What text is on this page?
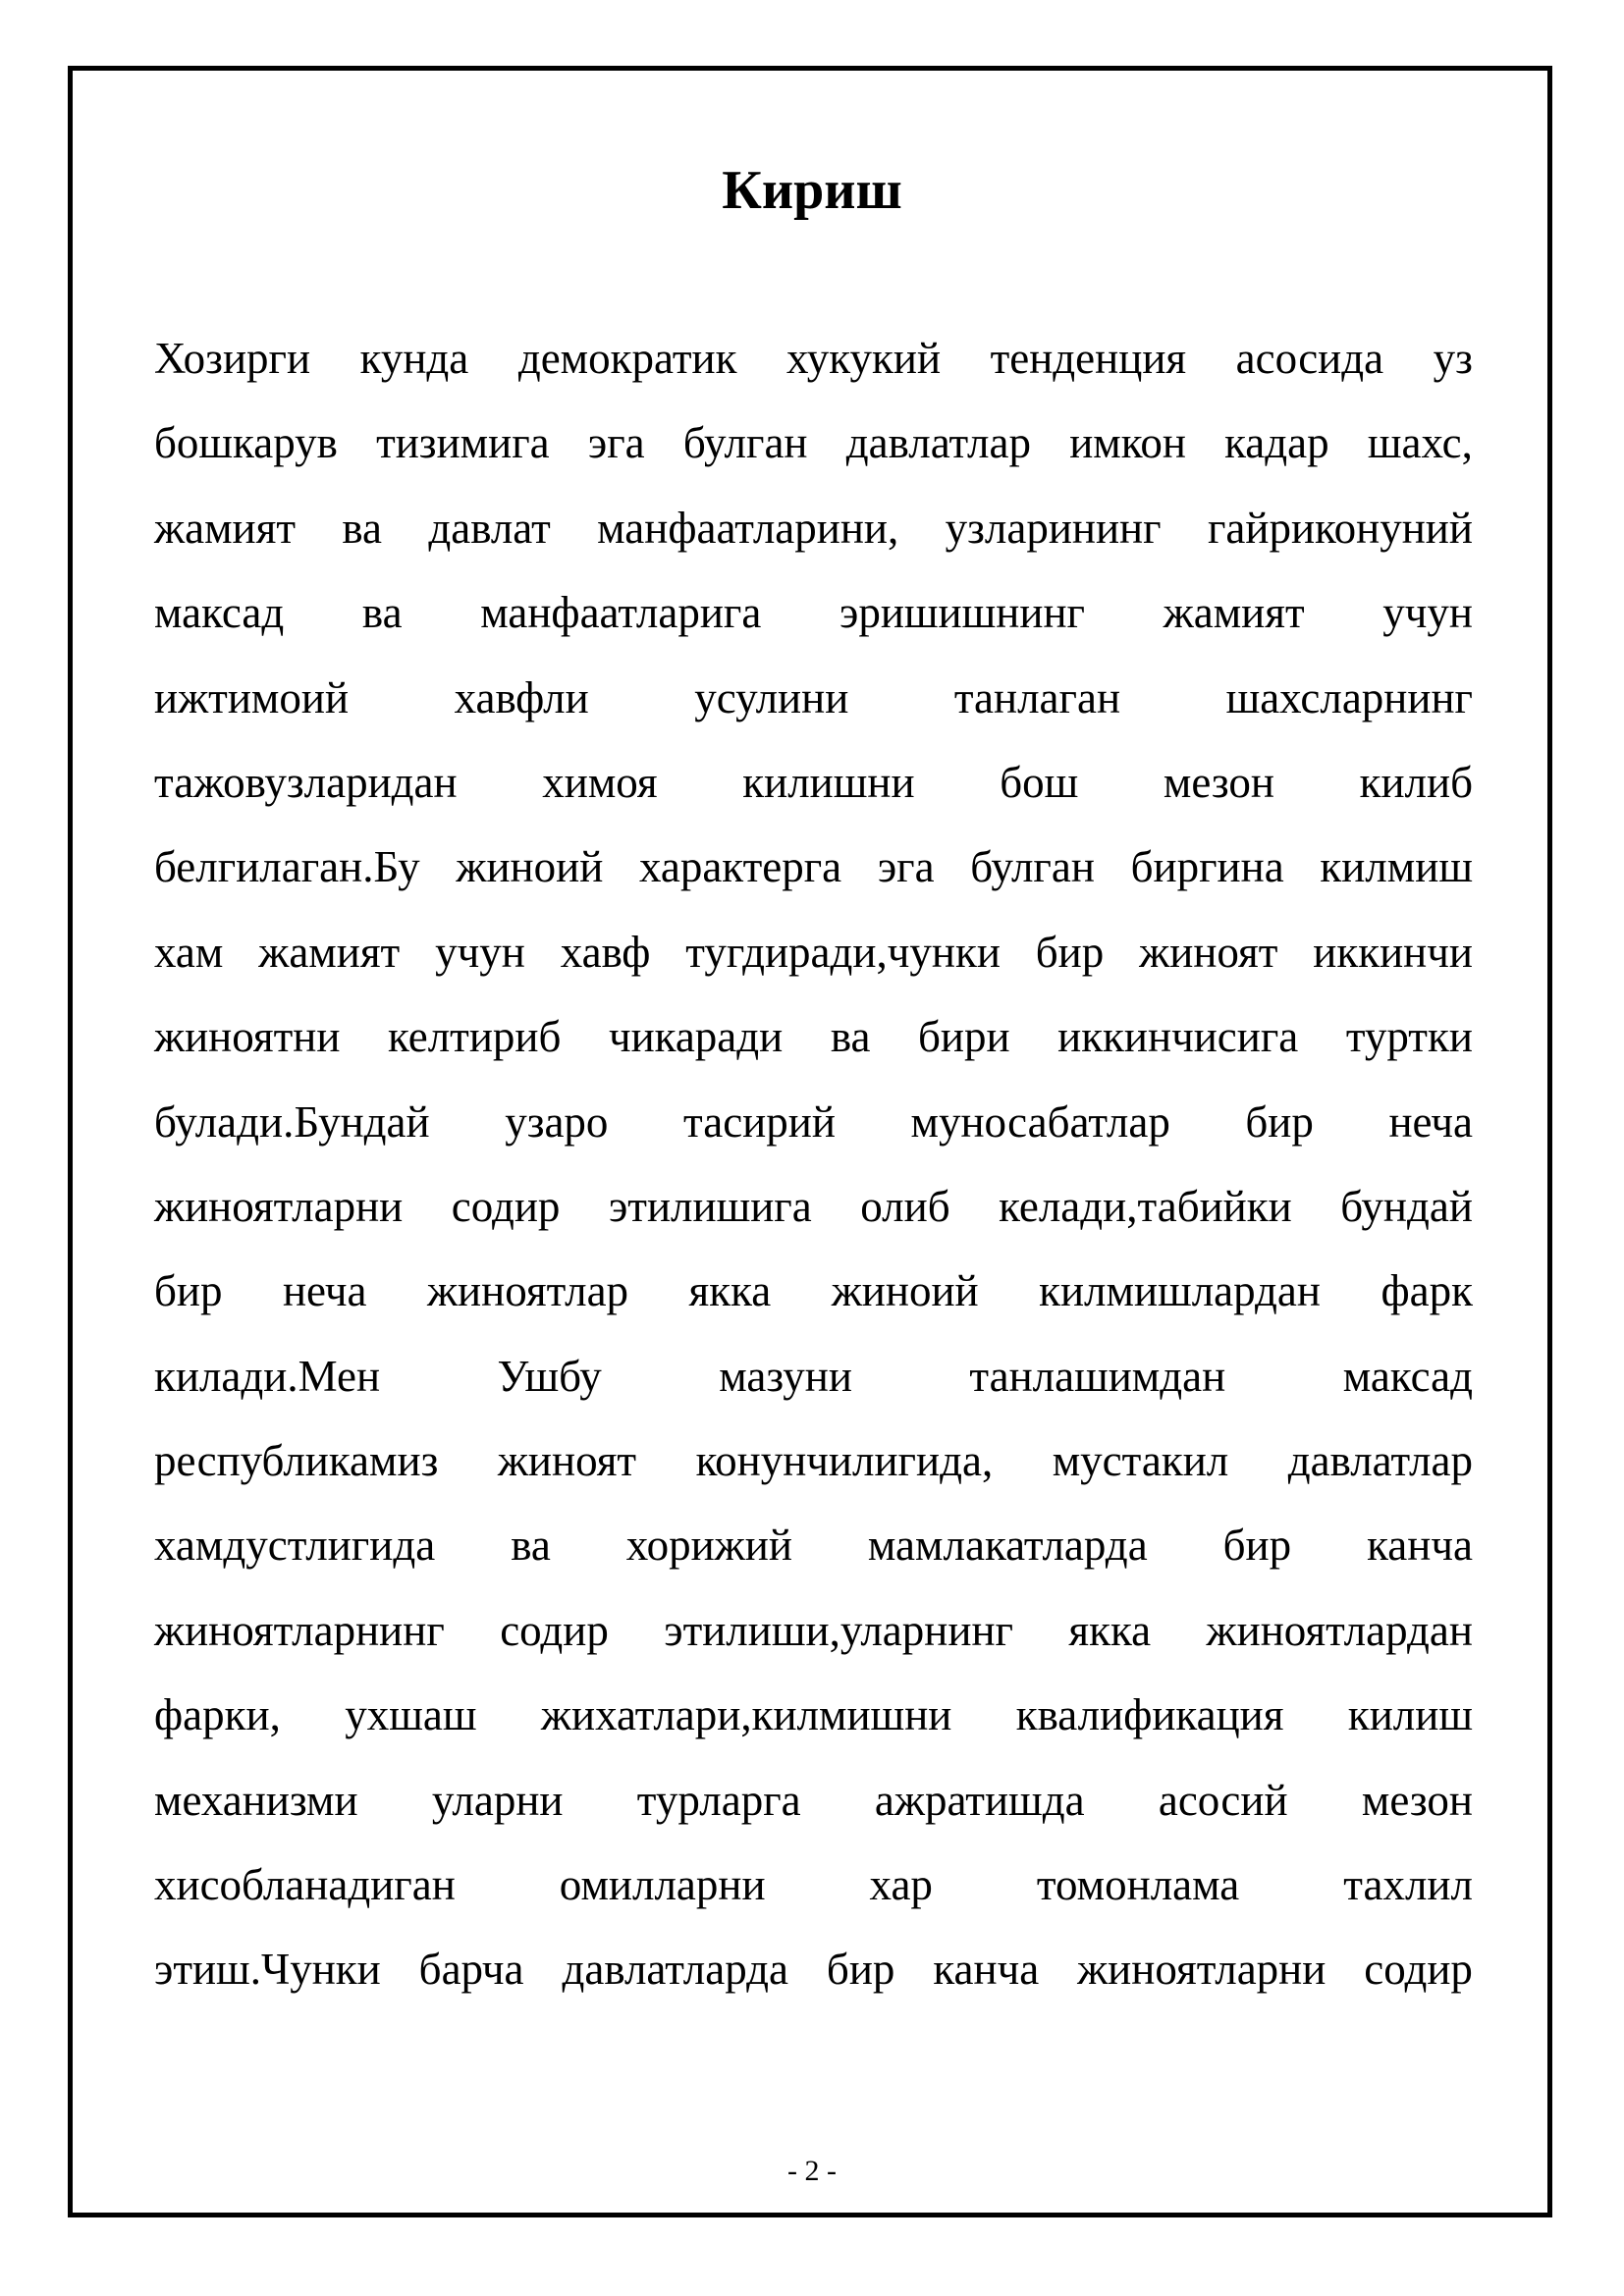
Кириш
Хозирги кунда демократик хукукий тенденция асосида уз
бошкарув тизимига эга булган давлатлар имкон кадар шахс,
жамият ва давлат манфаатларини, узларининг гайриконуний
максад ва манфаатларига эришишнинг жамият учун
ижтимоий хавфли усулини танлаган шахсларнинг
тажовузларидан химоя килишни бош мезон килиб
белгилаган.Бу жиноий характерга эга булган биргина килмиш
хам жамият учун хавф тугдиради,чунки бир жиноят иккинчи
жиноятни келтириб чикаради ва бири иккинчисига туртки
булади.Бундай узаро тасирий муносабатлар бир неча
жиноятларни содир этилишига олиб келади,табийки бундай
бир неча жиноятлар якка жиноий килмишлардан фарк
килади.Мен	Ушбу	мазуни	танлашимдан	максад
республикамиз жиноят конунчилигида, мустакил давлатлар
хамдустлигида ва хорижий мамлакатларда бир канча
жиноятларнинг содир этилиши,уларнинг якка жиноятлардан
фарки, ухшаш жихатлари,килмишни квалификация килиш
механизми уларни турларга ажратишда асосий мезон
хисобланадиган омилларни хар томонлама тахлил
этиш.Чунки барча давлатларда бир канча жиноятларни содир
- 2 -
